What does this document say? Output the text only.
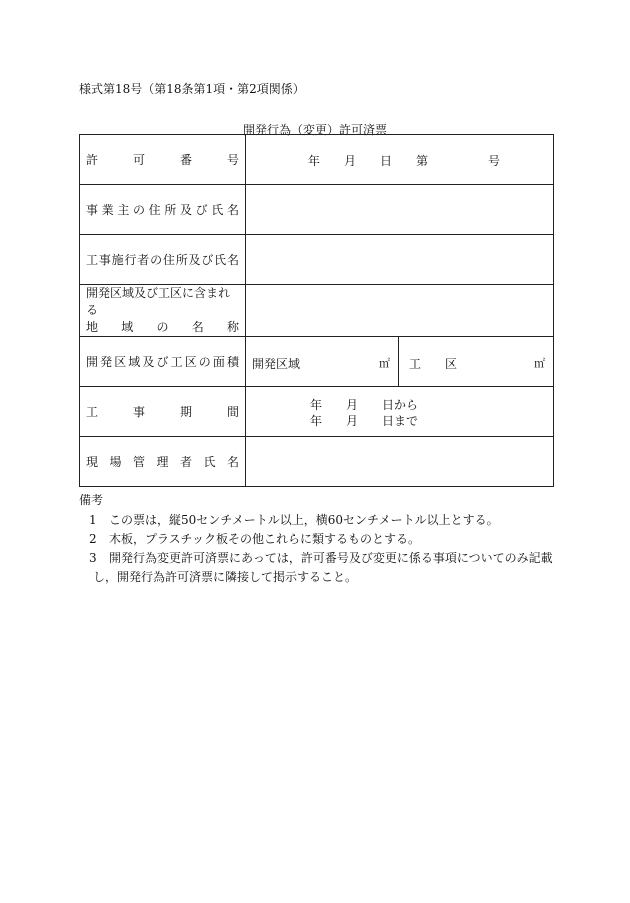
様式第18号（第18条第1項・第2項関係）
開発行為（変更）許可済票
許　可　番　号	年　　月　　日　　第　　　　　号	

事業主の住所及び氏名		

工事施行者の住所及び氏名		

開発区域及び工区に含まれる
地　域　の　名　称		

開発区域及び工区の面積	開発区域 ㎡	工　　区 ㎡

工　事　期　間	年　　月　　日から
年　　月　　日まで	

現場管理者氏名		

備考
1 この票は，縦50センチメートル以上，横60センチメートル以上とする。
2 木板，プラスチック板その他これらに類するものとする。
3 開発行為変更許可済票にあっては，許可番号及び変更に係る事項についてのみ記載
し，開発行為許可済票に隣接して掲示すること。
